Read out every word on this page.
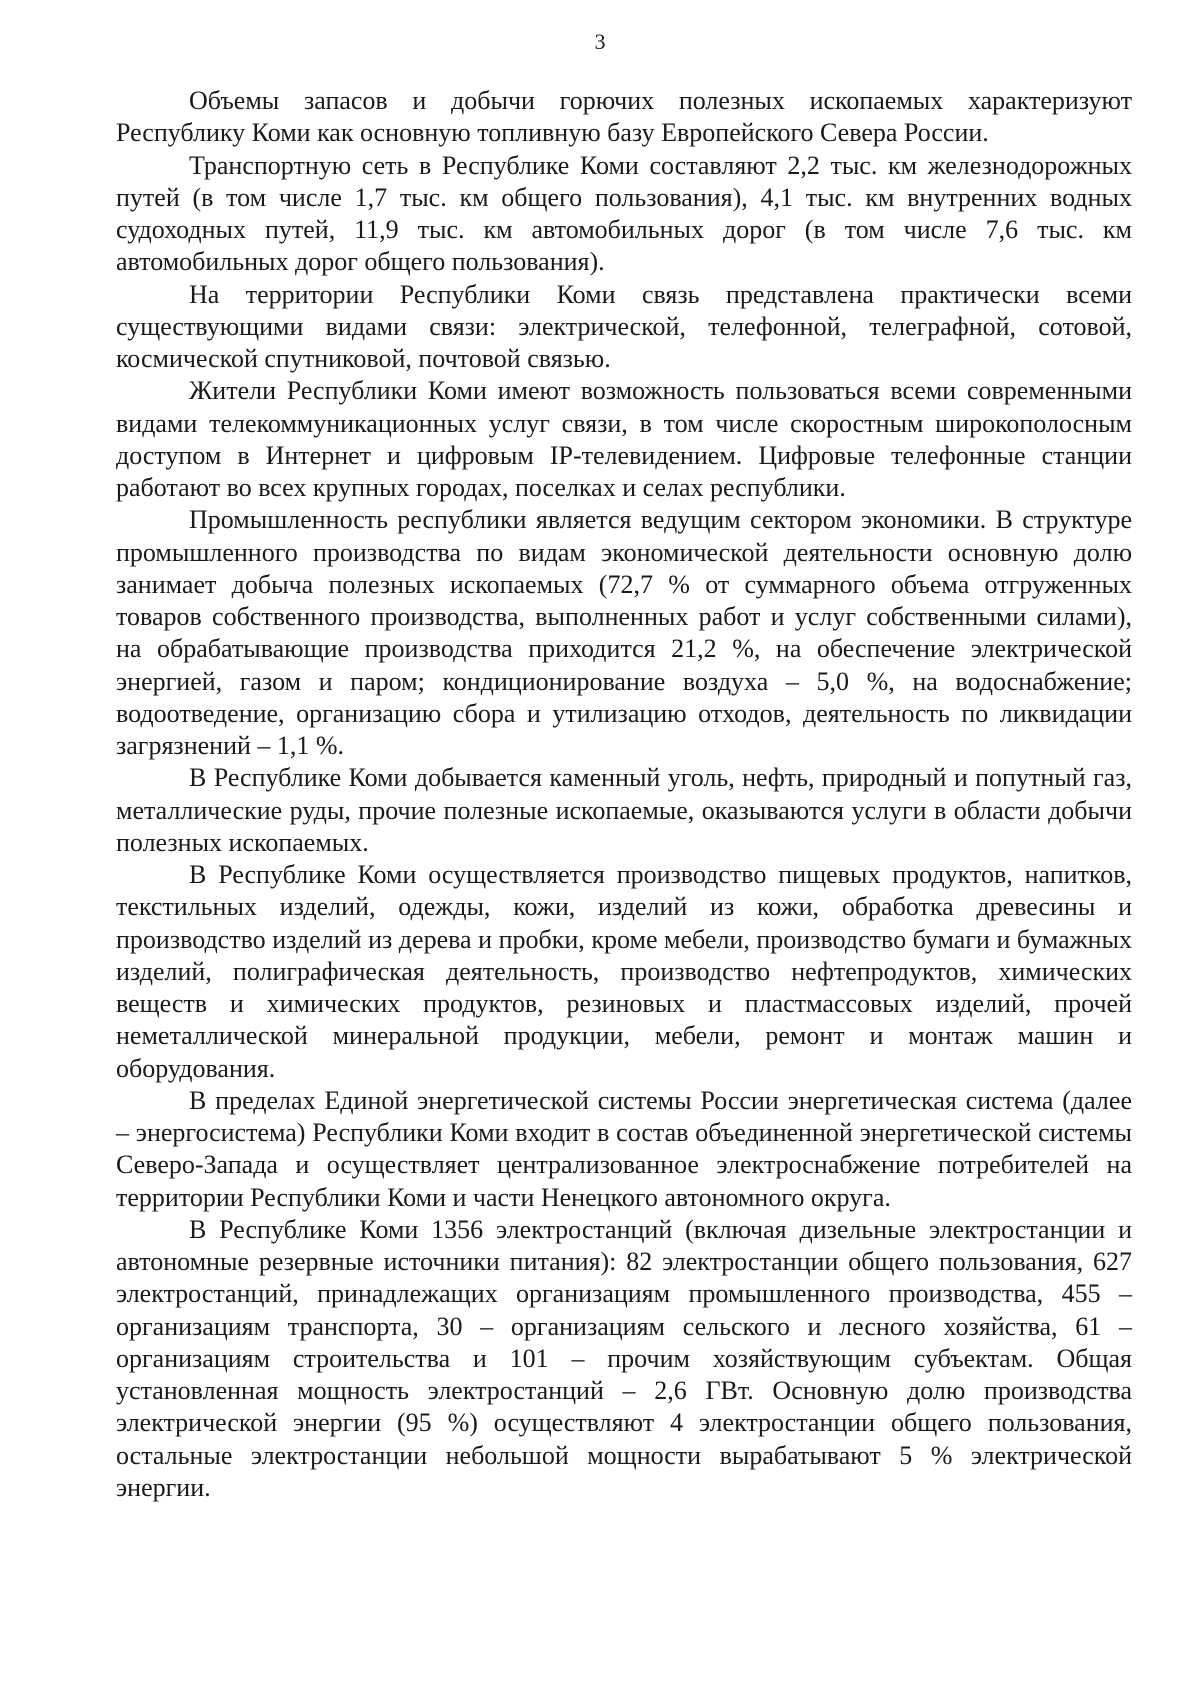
3

Объемы запасов и добычи горючих полезных ископаемых характеризуют Республику Коми как основную топливную базу Европейского Севера России.

Транспортную сеть в Республике Коми составляют 2,2 тыс. км железнодорожных путей (в том числе 1,7 тыс. км общего пользования), 4,1 тыс. км внутренних водных судоходных путей, 11,9 тыс. км автомобильных дорог (в том числе 7,6 тыс. км автомобильных дорог общего пользования).

На территории Республики Коми связь представлена практически всеми существующими видами связи: электрической, телефонной, телеграфной, сотовой, космической спутниковой, почтовой связью.

Жители Республики Коми имеют возможность пользоваться всеми современными видами телекоммуникационных услуг связи, в том числе скоростным широкополосным доступом в Интернет и цифровым IP-телевидением. Цифровые телефонные станции работают во всех крупных городах, поселках и селах республики.

Промышленность республики является ведущим сектором экономики. В структуре промышленного производства по видам экономической деятельности основную долю занимает добыча полезных ископаемых (72,7 % от суммарного объема отгруженных товаров собственного производства, выполненных работ и услуг собственными силами), на обрабатывающие производства приходится 21,2 %, на обеспечение электрической энергией, газом и паром; кондиционирование воздуха – 5,0 %, на водоснабжение; водоотведение, организацию сбора и утилизацию отходов, деятельность по ликвидации загрязнений – 1,1 %.

В Республике Коми добывается каменный уголь, нефть, природный и попутный газ, металлические руды, прочие полезные ископаемые, оказываются услуги в области добычи полезных ископаемых.

В Республике Коми осуществляется производство пищевых продуктов, напитков, текстильных изделий, одежды, кожи, изделий из кожи, обработка древесины и производство изделий из дерева и пробки, кроме мебели, производство бумаги и бумажных изделий, полиграфическая деятельность, производство нефтепродуктов, химических веществ и химических продуктов, резиновых и пластмассовых изделий, прочей неметаллической минеральной продукции, мебели, ремонт и монтаж машин и оборудования.

В пределах Единой энергетической системы России энергетическая система (далее – энергосистема) Республики Коми входит в состав объединенной энергетической системы Северо-Запада и осуществляет централизованное электроснабжение потребителей на территории Республики Коми и части Ненецкого автономного округа.

В Республике Коми 1356 электростанций (включая дизельные электростанции и автономные резервные источники питания): 82 электростанции общего пользования, 627 электростанций, принадлежащих организациям промышленного производства, 455 – организациям транспорта, 30 – организациям сельского и лесного хозяйства, 61 – организациям строительства и 101 – прочим хозяйствующим субъектам. Общая установленная мощность электростанций – 2,6 ГВт. Основную долю производства электрической энергии (95 %) осуществляют 4 электростанции общего пользования, остальные электростанции небольшой мощности вырабатывают 5 % электрической энергии.
